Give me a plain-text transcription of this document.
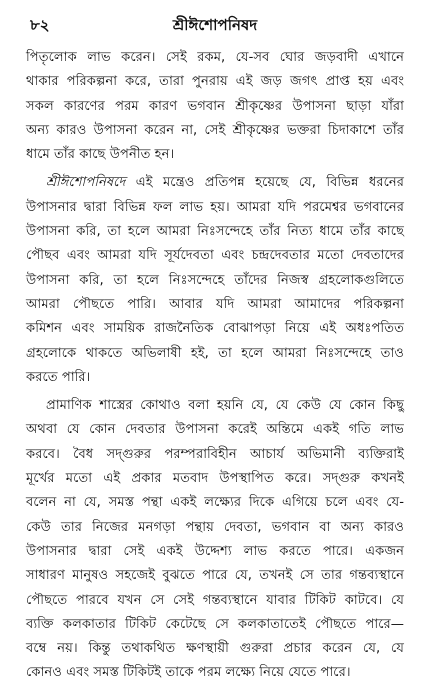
৮২	শ্রীঈশোপনিষদ
পিতৃলোক লাভ করেন। সেই রকম, যে-সব ঘোর জড়বাদী এখানে
থাকার পরিকল্পনা করে, তারা পুনরায় এই জড় জগৎ প্রাপ্ত হয় এবং
সকল কারণের পরম কারণ ভগবান শ্রীকৃষ্ণের উপাসনা ছাড়া যাঁরা
অন্য কারও উপাসনা করেন না, সেই শ্রীকৃষ্ণের ভক্তরা চিদাকাশে তাঁর
ধামে তাঁর কাছে উপনীত হন।
শ্রীঈশোপনিষদে এই মন্ত্রেও প্রতিপন্ন হয়েছে যে, বিভিন্ন ধরনের
উপাসনার দ্বারা বিভিন্ন ফল লাভ হয়। আমরা যদি পরমেশ্বর ভগবানের
উপাসনা করি, তা হলে আমরা নিঃসন্দেহে তাঁর নিত্য ধামে তাঁর কাছে
পৌছব এবং আমরা যদি সূর্যদেবতা এবং চন্দ্রদেবতার মতো দেবতাদের
উপাসনা করি, তা হলে নিঃসন্দেহে তাঁদের নিজস্ব গ্রহলোকগুলিতে
আমরা পৌছতে পারি। আবার যদি আমরা আমাদের পরিকল্পনা
কমিশন এবং সাময়িক রাজনৈতিক বোঝাপড়া নিয়ে এই অধঃপতিত
গ্রহলোকে থাকতে অভিলাষী হই, তা হলে আমরা নিঃসন্দেহে তাও
করতে পারি।
প্রামাণিক শাস্ত্রের কোথাও বলা হয়নি যে, যে কেউ যে কোন কিছু
অথবা যে কোন দেবতার উপাসনা করেই অন্তিমে একই গতি লাভ
করবে। বৈধ সদ্গুরুর পরম্পরাবিহীন আচার্য অভিমানী ব্যক্তিরাই
মূর্খের মতো এই প্রকার মতবাদ উপস্থাপিত করে। সদ্গুরু কখনই
বলেন না যে, সমস্ত পন্থা একই লক্ষ্যের দিকে এগিয়ে চলে এবং যে-
কেউ তার নিজের মনগড়া পন্থায় দেবতা, ভগবান বা অন্য কারও
উপাসনার দ্বারা সেই একই উদ্দেশ্য লাভ করতে পারে। একজন
সাধারণ মানুষও সহজেই বুঝতে পারে যে, তখনই সে তার গন্তব্যস্থানে
পৌছতে পারবে যখন সে সেই গন্তব্যস্থানে যাবার টিকিট কাটবে। যে
ব্যক্তি কলকাতার টিকিট কেটেছে সে কলকাতাতেই পৌছতে পারে—
বম্বে নয়। কিন্তু তথাকথিত ক্ষণস্থায়ী গুরুরা প্রচার করেন যে, যে
কোনও এবং সমস্ত টিকিটই তাকে পরম লক্ষ্যে নিয়ে যেতে পারে।
